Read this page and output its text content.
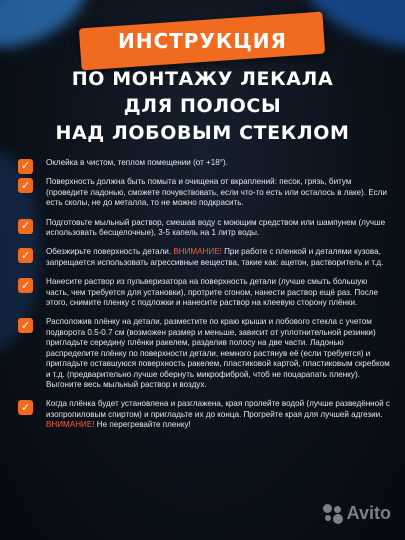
ИНСТРУКЦИЯ
ПО МОНТАЖУ ЛЕКАЛА
ДЛЯ ПОЛОСЫ
НАД ЛОБОВЫМ СТЕКЛОМ
✓	Оклейка в чистом, теплом помещении (от +18°).
✓	Поверхность должна быть помыта и очищена от вкраплений: песок, грязь, битум (проведите ладонью, сможете почувствовать, если что-то есть или осталось в лаке). Если есть сколы, не до металла, то не можно подкрасить.
✓	Подготовьте мыльный раствор, смешав воду с моющим средством или шампунем (лучше использовать бесщелочные), 3-5 капель на 1 литр воды.
✓	Обезжирьте поверхность детали. ВНИМАНИЕ! При работе с пленкой и деталями кузова, запрещается использовать агрессивные вещества, такие как: ацетон, растворитель и т.д.
✓	Нанесите раствор из пульверизатора на поверхность детали (лучше смыть большую часть, чем требуется для установки), протрите сгоном, нанести раствор ещё раз. После этого, снимите пленку с подложки и нанесите раствор на клеевую сторону плёнки.
✓	Расположив плёнку на детали, разместите по краю крыши и лобового стекла с учетом подворота 0.5-0.7 см (возможен размер и меньше, зависит от уплотнительной резинки) пригладьте середину плёнки ракелем, разделив полосу на две части. Ладонью распределите плёнку по поверхности детали, немного растянув её (если требуется) и пригладьте оставшуюся поверхность ракелем, пластиковой картой, пластиковым скребком и т.д. (предварительно лучше обернуть микрофиброй, чтоб не поцарапать пленку). Выгоните весь мыльный раствор и воздух.
✓	Когда плёнка будет установлена и разглажена, края пролейте водой (лучше разведённой с изопропиловым спиртом) и пригладьте их до конца. Прогрейте края для лучшей адгезии. ВНИМАНИЕ! Не перегревайте пленку!
Avito
